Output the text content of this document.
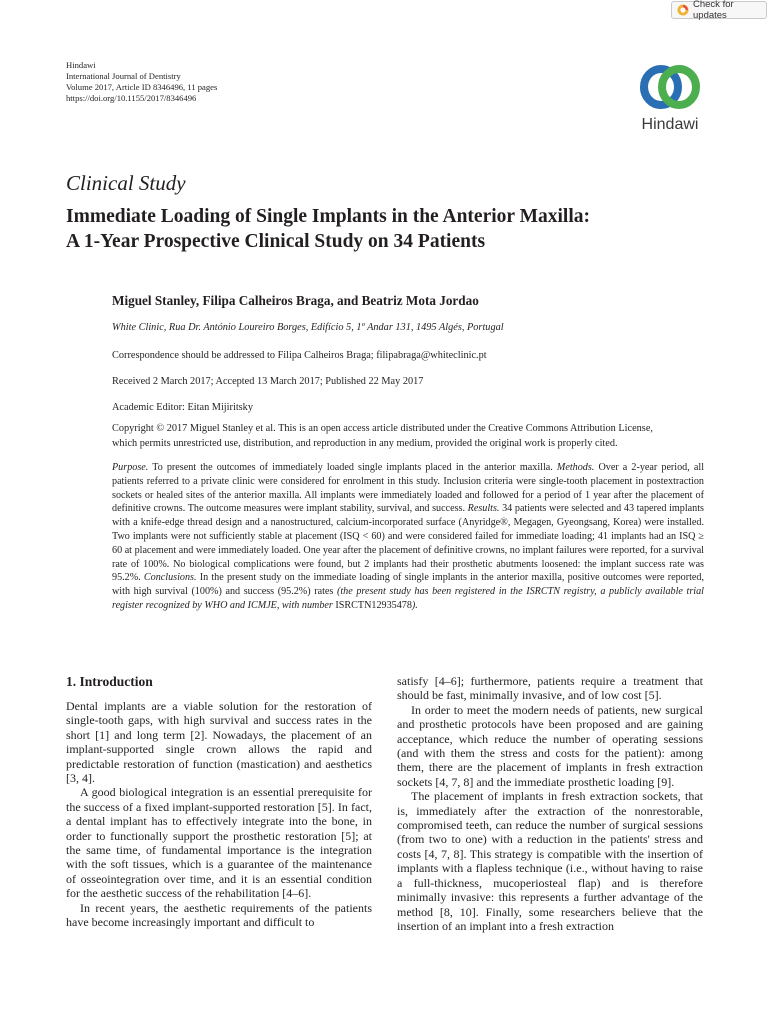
Check for updates
Hindawi
International Journal of Dentistry
Volume 2017, Article ID 8346496, 11 pages
https://doi.org/10.1155/2017/8346496
Hindawi
Clinical Study
Immediate Loading of Single Implants in the Anterior Maxilla:
A 1-Year Prospective Clinical Study on 34 Patients
Miguel Stanley, Filipa Calheiros Braga, and Beatriz Mota Jordao
White Clinic, Rua Dr. António Loureiro Borges, Edifício 5, 1º Andar 131, 1495 Algés, Portugal
Correspondence should be addressed to Filipa Calheiros Braga; filipabraga@whiteclinic.pt
Received 2 March 2017; Accepted 13 March 2017; Published 22 May 2017
Academic Editor: Eitan Mijiritsky
Copyright © 2017 Miguel Stanley et al. This is an open access article distributed under the Creative Commons Attribution License,
which permits unrestricted use, distribution, and reproduction in any medium, provided the original work is properly cited.

Purpose. To present the outcomes of immediately loaded single implants placed in the anterior maxilla. Methods. Over a 2-year period, all patients referred to a private clinic were considered for enrolment in this study. Inclusion criteria were single-tooth placement in postextraction sockets or healed sites of the anterior maxilla. All implants were immediately loaded and followed for a period of 1 year after the placement of definitive crowns. The outcome measures were implant stability, survival, and success. Results. 34 patients were selected and 43 tapered implants with a knife-edge thread design and a nanostructured, calcium-incorporated surface (Anyridge®, Megagen, Gyeongsang, Korea) were installed. Two implants were not sufficiently stable at placement (ISQ < 60) and were considered failed for immediate loading; 41 implants had an ISQ ≥ 60 at placement and were immediately loaded. One year after the placement of definitive crowns, no implant failures were reported, for a survival rate of 100%. No biological complications were found, but 2 implants had their prosthetic abutments loosened: the implant success rate was 95.2%. Conclusions. In the present study on the immediate loading of single implants in the anterior maxilla, positive outcomes were reported, with high survival (100%) and success (95.2%) rates (the present study has been registered in the ISRCTN registry, a publicly available trial register recognized by WHO and ICMJE, with number ISRCTN12935478).

1. Introduction

Dental implants are a viable solution for the restoration of single-tooth gaps, with high survival and success rates in the short [1] and long term [2]. Nowadays, the placement of an implant-supported single crown allows the rapid and predictable restoration of function (mastication) and aesthetics [3, 4].

A good biological integration is an essential prerequisite for the success of a fixed implant-supported restoration [5]. In fact, a dental implant has to effectively integrate into the bone, in order to functionally support the prosthetic restoration [5]; at the same time, of fundamental importance is the integration with the soft tissues, which is a guarantee of the maintenance of osseointegration over time, and it is an essential condition for the aesthetic success of the rehabilitation [4–6].

In recent years, the aesthetic requirements of the patients have become increasingly important and difficult to

satisfy [4–6]; furthermore, patients require a treatment that should be fast, minimally invasive, and of low cost [5].

In order to meet the modern needs of patients, new surgical and prosthetic protocols have been proposed and are gaining acceptance, which reduce the number of operating sessions (and with them the stress and costs for the patient): among them, there are the placement of implants in fresh extraction sockets [4, 7, 8] and the immediate prosthetic loading [9].

The placement of implants in fresh extraction sockets, that is, immediately after the extraction of the nonrestorable, compromised teeth, can reduce the number of surgical sessions (from two to one) with a reduction in the patients' stress and costs [4, 7, 8]. This strategy is compatible with the insertion of implants with a flapless technique (i.e., without having to raise a full-thickness, mucoperiosteal flap) and is therefore minimally invasive: this represents a further advantage of the method [8, 10]. Finally, some researchers believe that the insertion of an implant into a fresh extraction
